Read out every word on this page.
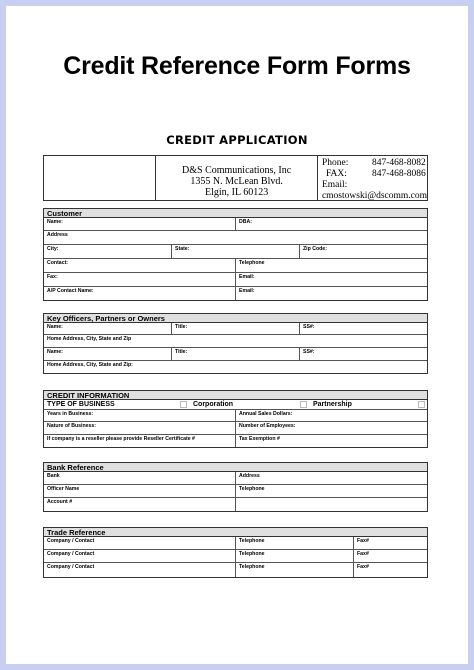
Credit Reference Form Forms
CREDIT APPLICATION
D&S Communications, Inc
1355 N. McLean Blvd.
Elgin, IL 60123
Phone:	847-468-8082
FAX:	847-468-8086
Email:
cmostowski@dscomm.com
Customer
Name:	DBA:
Address
City:	State:	Zip Code:
Contact:	Telephone
Fax:	Email:
A/P Contact Name:	Email:
Key Officers, Partners or Owners
Name:	Title:	SS#:
Home Address, City, State and Zip
Name:	Title:	SS#:
Home Address, City, State and Zip:
CREDIT INFORMATION
TYPE OF BUSINESS	Corporation	Partnership
Years in Business:	Annual Sales Dollars:
Nature of Business:	Number of Employees:
If company is a reseller please provide Reseller Certificate #	Tax Exemption #
Bank Reference
Bank	Address
Officer Name	Telephone
Account #
Trade Reference
Company / Contact	Telephone	Fax#
Company / Contact	Telephone	Fax#
Company / Contact	Telephone	Fax#
